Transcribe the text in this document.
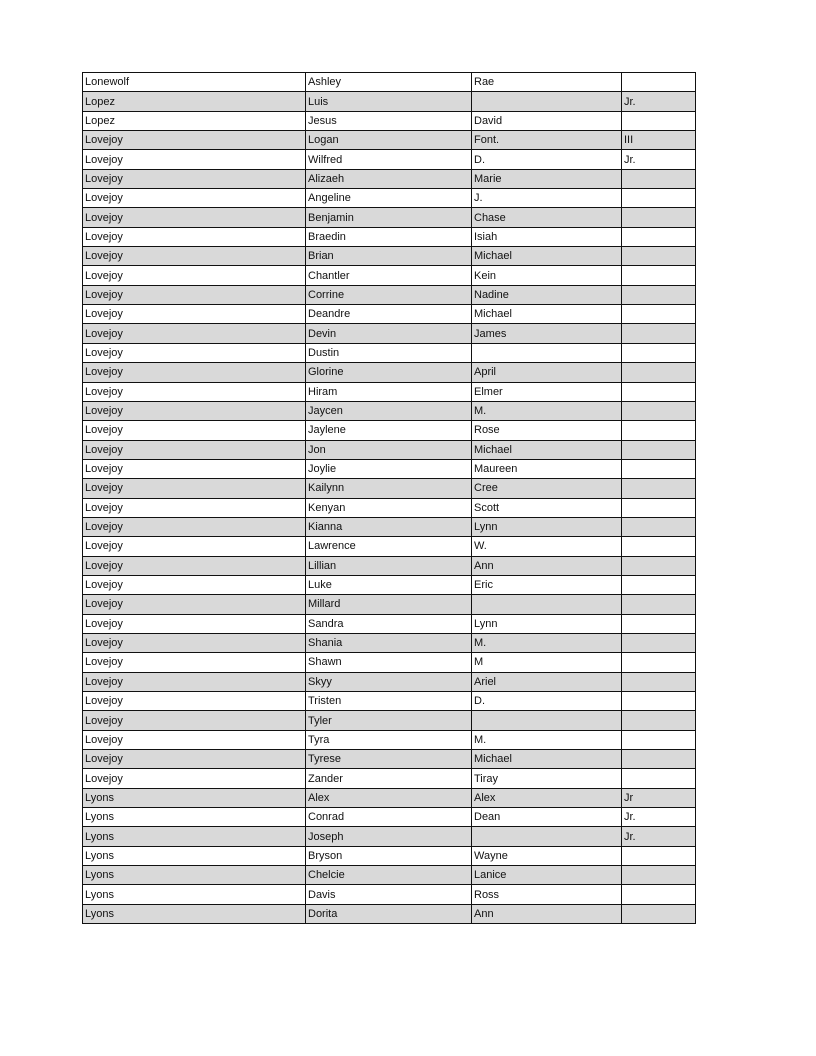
Lonewolf	Ashley	Rae	
Lopez	Luis		Jr.
Lopez	Jesus	David	
Lovejoy	Logan	Font.	III
Lovejoy	Wilfred	D.	Jr.
Lovejoy	Alizaeh	Marie	
Lovejoy	Angeline	J.	
Lovejoy	Benjamin	Chase	
Lovejoy	Braedin	Isiah	
Lovejoy	Brian	Michael	
Lovejoy	Chantler	Kein	
Lovejoy	Corrine	Nadine	
Lovejoy	Deandre	Michael	
Lovejoy	Devin	James	
Lovejoy	Dustin		
Lovejoy	Glorine	April	
Lovejoy	Hiram	Elmer	
Lovejoy	Jaycen	M.	
Lovejoy	Jaylene	Rose	
Lovejoy	Jon	Michael	
Lovejoy	Joylie	Maureen	
Lovejoy	Kailynn	Cree	
Lovejoy	Kenyan	Scott	
Lovejoy	Kianna	Lynn	
Lovejoy	Lawrence	W.	
Lovejoy	Lillian	Ann	
Lovejoy	Luke	Eric	
Lovejoy	Millard		
Lovejoy	Sandra	Lynn	
Lovejoy	Shania	M.	
Lovejoy	Shawn	M	
Lovejoy	Skyy	Ariel	
Lovejoy	Tristen	D.	
Lovejoy	Tyler		
Lovejoy	Tyra	M.	
Lovejoy	Tyrese	Michael	
Lovejoy	Zander	Tiray	
Lyons	Alex	Alex	Jr
Lyons	Conrad	Dean	Jr.
Lyons	Joseph		Jr.
Lyons	Bryson	Wayne	
Lyons	Chelcie	Lanice	
Lyons	Davis	Ross	
Lyons	Dorita	Ann	
